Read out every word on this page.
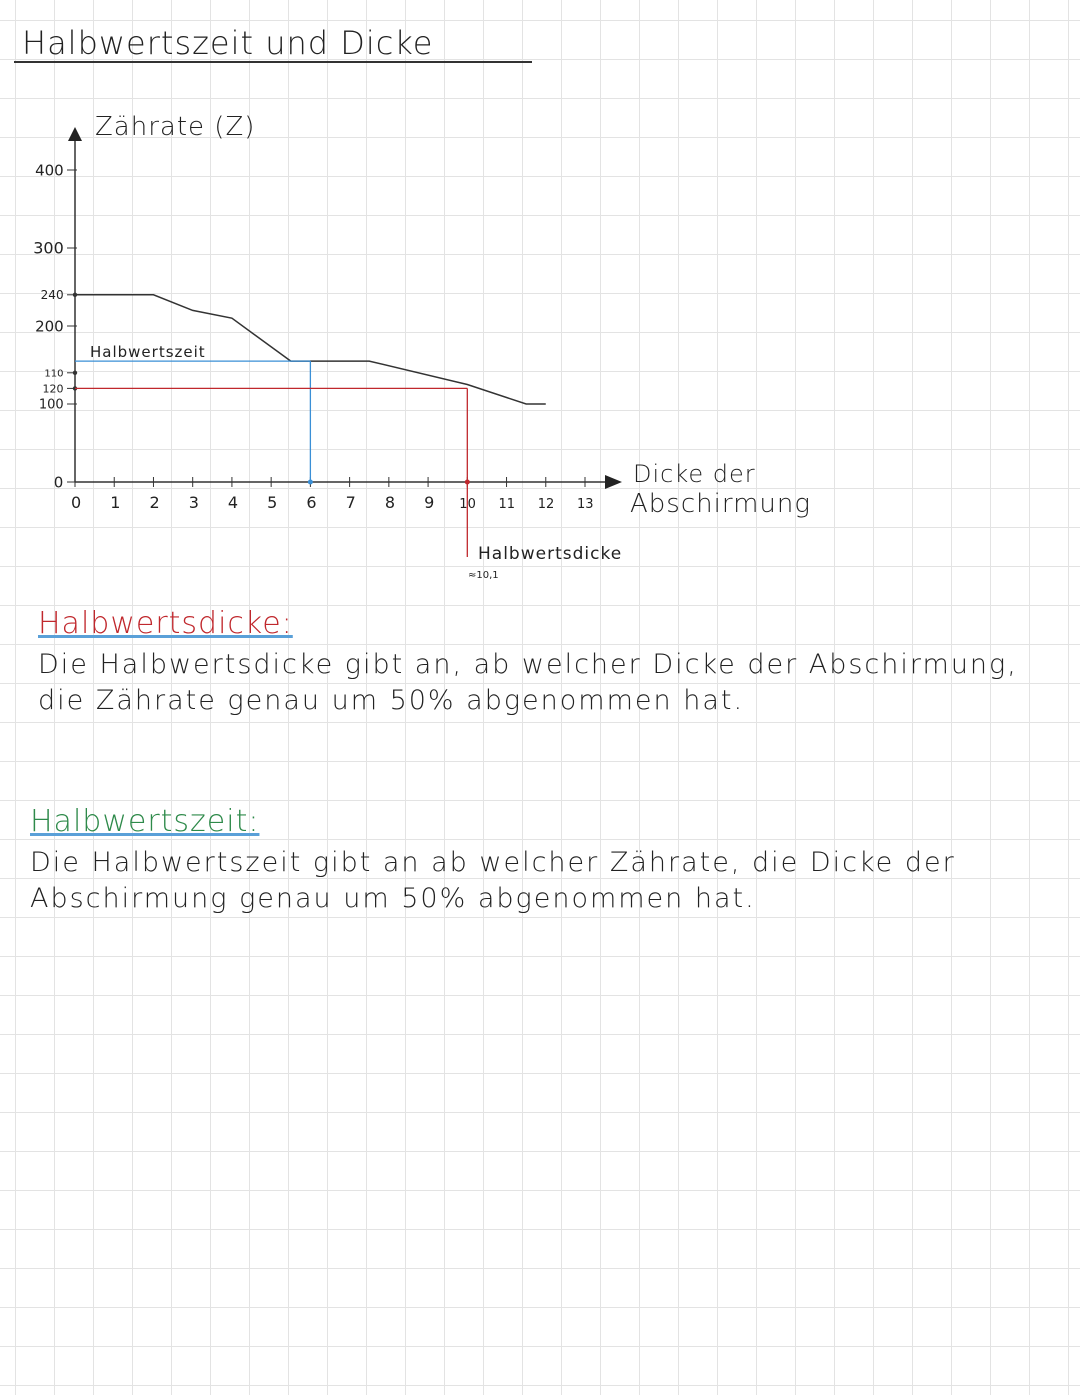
Halbwertszeit und Dicke
Zährate (Z)
Dicke der
Abschirmung
0 1 2 3 4 5 6 7 8 9 10 11 12 13
0
100
120
110
200
240
300
400
Halbwertszeit
Halbwertsdicke
≈10,1
Halbwertsdicke:

Die Halbwertsdicke gibt an, ab welcher Dicke der Abschirmung, die Zährate genau um 50% abgenommen hat.

Halbwertszeit:

Die Halbwertszeit gibt an ab welcher Zährate, die Dicke der Abschirmung genau um 50% abgenommen hat.
